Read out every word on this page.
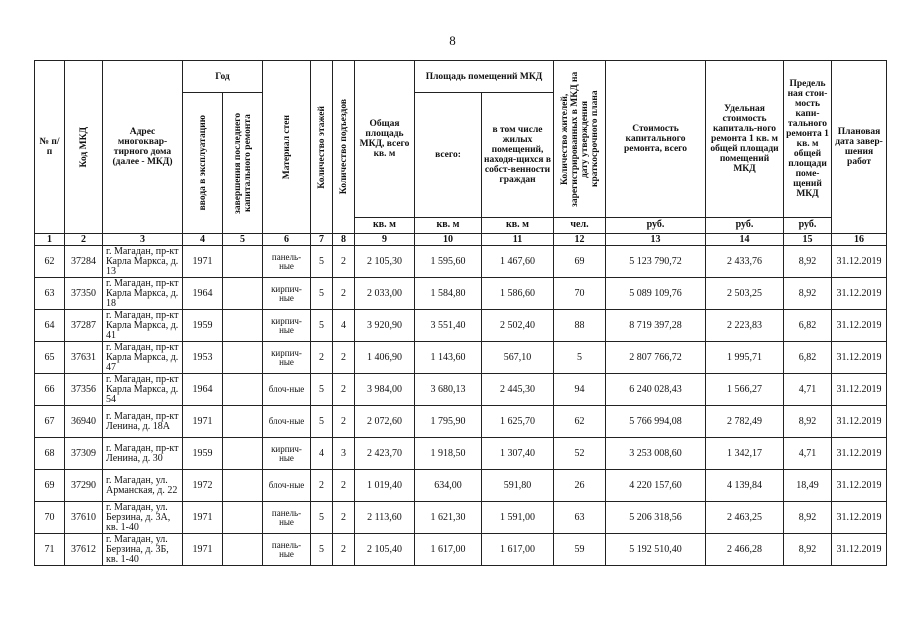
8
№ п/п	Код МКД	Адрес многоквар-тирного дома (далее - МКД)	Год		Материал стен	Количество этажей	Количество подъездов	Общая площадь МКД, всего кв. м	Площадь помещений МКД		Количество жителей, зарегистрированных в МКД на дату утверждения краткосрочного плана	Стоимость капитального ремонта, всего	Удельная стоимость капиталь-ного ремонта 1 кв. м общей площади помещений МКД	Предель ная стои-мость капи-тального ремонта 1 кв. м общей площади поме-щений МКД	Плановая дата завер-шения работ

			ввода в эксплуатацию	завершения последнего капитального ремонта					всего:	в том числе жилых помещений, находя-щихся в собст-венности граждан					
								кв. м	кв. м	кв. м	чел.	руб.	руб.	руб.	
1	2	3	4	5	6	7	8	9	10	11	12	13	14	15	16
62	37284	г. Магадан, пр-кт Карла Маркса, д. 13	1971		панель-ные	5	2	2 105,30	1 595,60	1 467,60	69	5 123 790,72	2 433,76	8,92	31.12.2019
63	37350	г. Магадан, пр-кт Карла Маркса, д. 18	1964		кирпич-ные	5	2	2 033,00	1 584,80	1 586,60	70	5 089 109,76	2 503,25	8,92	31.12.2019
64	37287	г. Магадан, пр-кт Карла Маркса, д. 41	1959		кирпич-ные	5	4	3 920,90	3 551,40	2 502,40	88	8 719 397,28	2 223,83	6,82	31.12.2019
65	37631	г. Магадан, пр-кт Карла Маркса, д. 47	1953		кирпич-ные	2	2	1 406,90	1 143,60	567,10	5	2 807 766,72	1 995,71	6,82	31.12.2019
66	37356	г. Магадан, пр-кт Карла Маркса, д. 54	1964		блоч-ные	5	2	3 984,00	3 680,13	2 445,30	94	6 240 028,43	1 566,27	4,71	31.12.2019
67	36940	г. Магадан, пр-кт Ленина, д. 18А	1971		блоч-ные	5	2	2 072,60	1 795,90	1 625,70	62	5 766 994,08	2 782,49	8,92	31.12.2019
68	37309	г. Магадан, пр-кт Ленина, д. 30	1959		кирпич-ные	4	3	2 423,70	1 918,50	1 307,40	52	3 253 008,60	1 342,17	4,71	31.12.2019
69	37290	г. Магадан, ул. Арманская, д. 22	1972		блоч-ные	2	2	1 019,40	634,00	591,80	26	4 220 157,60	4 139,84	18,49	31.12.2019
70	37610	г. Магадан, ул. Берзина, д. 3А, кв. 1-40	1971		панель-ные	5	2	2 113,60	1 621,30	1 591,00	63	5 206 318,56	2 463,25	8,92	31.12.2019
71	37612	г. Магадан, ул. Берзина, д. 3Б, кв. 1-40	1971		панель-ные	5	2	2 105,40	1 617,00	1 617,00	59	5 192 510,40	2 466,28	8,92	31.12.2019
